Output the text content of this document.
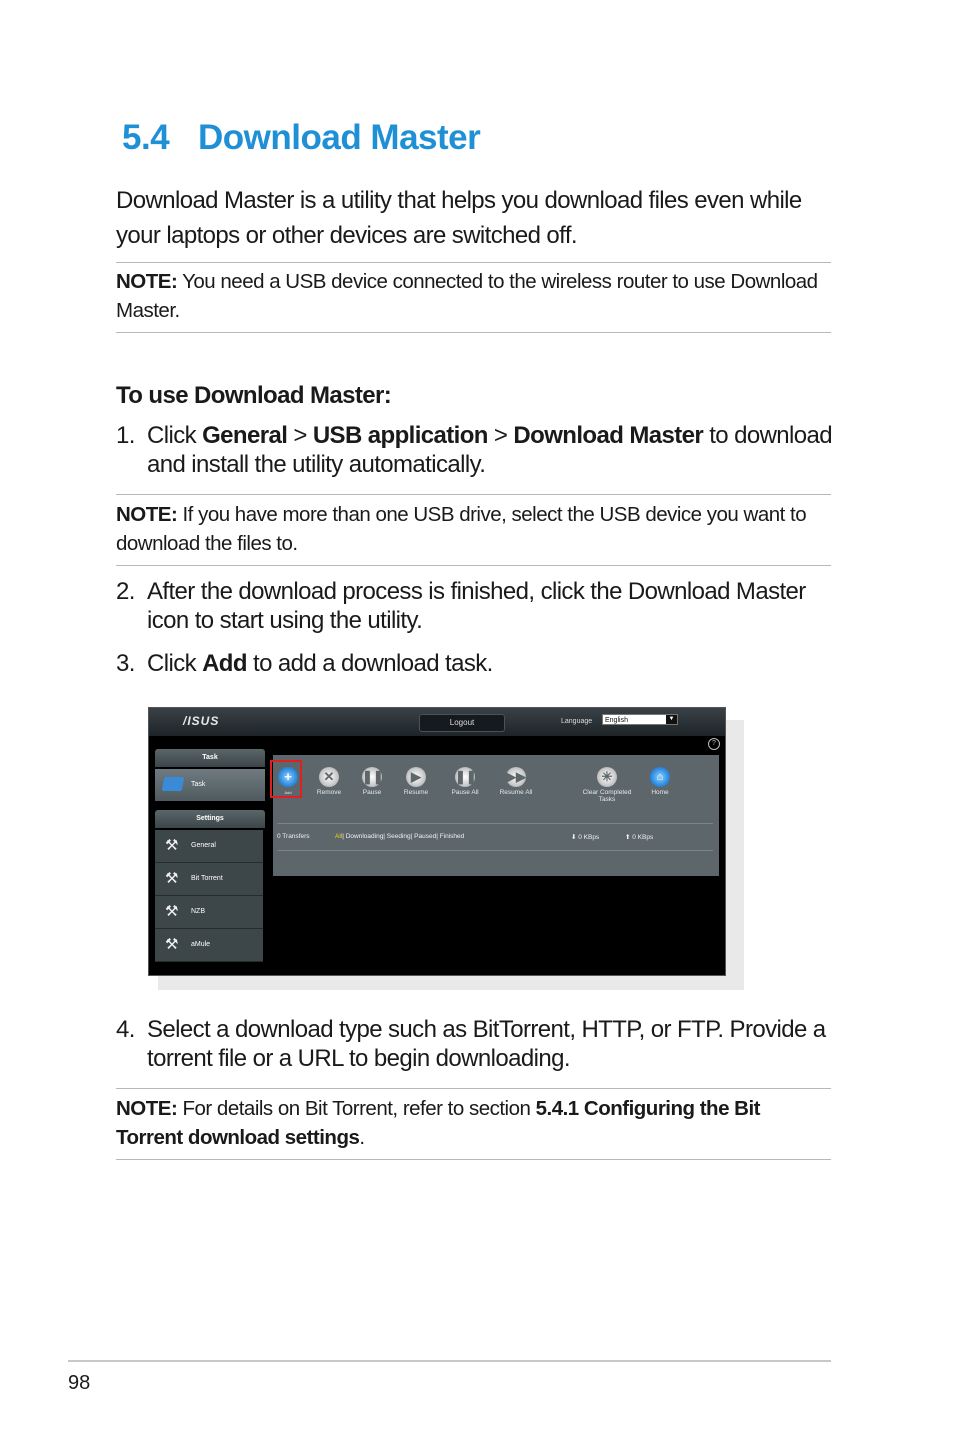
5.4 Download Master
Download Master is a utility that helps you download files even while your laptops or other devices are switched off.
NOTE: You need a USB device connected to the wireless router to use Download Master.
To use Download Master:
1. Click General > USB application > Download Master to download and install the utility automatically.
NOTE: If you have more than one USB drive, select the USB device you want to download the files to.
2. After the download process is finished, click the Download Master icon to start using the utility.
3. Click Add to add a download task.
/ISUS	Logout	Language	English	▼
?
Task
Task
Settings
⚒ General
⚒ Bit Torrent
⚒ NZB
⚒ aMule
+
Add
✕
Remove
❚❚
Pause
▶
Resume
❚❚
Pause All
▶▶
Resume All
✳
Clear Completed Tasks
⌂
Home
0 Transfers	All| Downloading| Seeding| Paused| Finished	⬇ 0 KBps	⬆ 0 KBps
4. Select a download type such as BitTorrent, HTTP, or FTP. Provide a torrent file or a URL to begin downloading.
NOTE: For details on Bit Torrent, refer to section 5.4.1 Configuring the Bit Torrent download settings.
98
